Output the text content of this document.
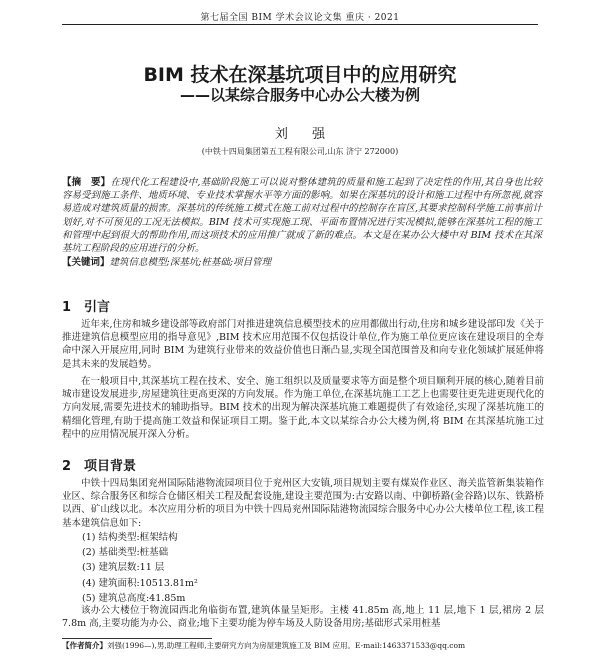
第七届全国 BIM 学术会议论文集 重庆 · 2021
BIM 技术在深基坑项目中的应用研究
——以某综合服务中心办公大楼为例
刘 强
(中铁十四局集团第五工程有限公司,山东 济宁 272000)
【摘　要】在现代化工程建设中,基础阶段施工可以说对整体建筑的质量和施工起到了决定性的作用,其自身也比较容易受到施工条件、地质环境、专业技术掌握水平等方面的影响。如果在深基坑的设计和施工过程中有所忽视,就容易造成对建筑质量的损害。深基坑的传统施工模式在施工前对过程中的控制存在盲区,其要求控制科学施工前事前计划好,对不可预见的工况无法模拟。BIM 技术可实现施工现、平面布置情况进行实况模拟,能够在深基坑工程的施工和管理中起到很大的帮助作用,而这项技术的应用推广就成了新的难点。本文是在某办公大楼中对 BIM 技术在其深基坑工程阶段的应用进行的分析。
【关键词】建筑信息模型;深基坑;桩基础;项目管理
1　引言
近年来,住房和城乡建设部等政府部门对推进建筑信息模型技术的应用都做出行动,住房和城乡建设部印发《关于推进建筑信息模型应用的指导意见》,BIM 技术应用范围不仅包括设计单位,作为施工单位更应该在建设项目的全寿命中深入开展应用,同时 BIM 为建筑行业带来的效益价值也日渐凸显,实现全国范围普及和向专业化领域扩展延伸将是其未来的发展趋势。
在一般项目中,其深基坑工程在技术、安全、施工组织以及质量要求等方面是整个项目顺利开展的核心,随着目前城市建设发展进步,房屋建筑往更高更深的方向发展。作为施工单位,在深基坑施工工艺上也需要往更先进更现代化的方向发展,需要先进技术的辅助指导。BIM 技术的出现为解决深基坑施工难题提供了有效途径,实现了深基坑施工的精细化管理,有助于提高施工效益和保证项目工期。鉴于此,本文以某综合办公大楼为例,将 BIM 在其深基坑施工过程中的应用情况展开深入分析。
2　项目背景
中铁十四局集团兖州国际陆港物流园项目位于兖州区大安镇,项目规划主要有煤炭作业区、海关监管新集装箱作业区、综合服务区和综合仓储区相关工程及配套设施,建设主要范围为:古安路以南、中御桥路(金谷路)以东、铁路桥以西、矿山线以北。本次应用分析的项目为中铁十四局兖州国际陆港物流园综合服务中心办公大楼单位工程,该工程基本建筑信息如下:
(1) 结构类型:框架结构
(2) 基础类型:桩基础
(3) 建筑层数:11 层
(4) 建筑面积:10513.81m²
(5) 建筑总高度:41.85m
该办公大楼位于物流园西北角临街布置,建筑体量呈矩形。主楼 41.85m 高,地上 11 层,地下 1 层,裙房 2 层 7.8m 高,主要功能为办公、商业;地下主要功能为停车场及人防设备用房;基础形式采用桩基
【作者简介】刘强(1996—),男,助理工程师,主要研究方向为房屋建筑施工及 BIM 应用。E-mail:1463371533@qq.com
